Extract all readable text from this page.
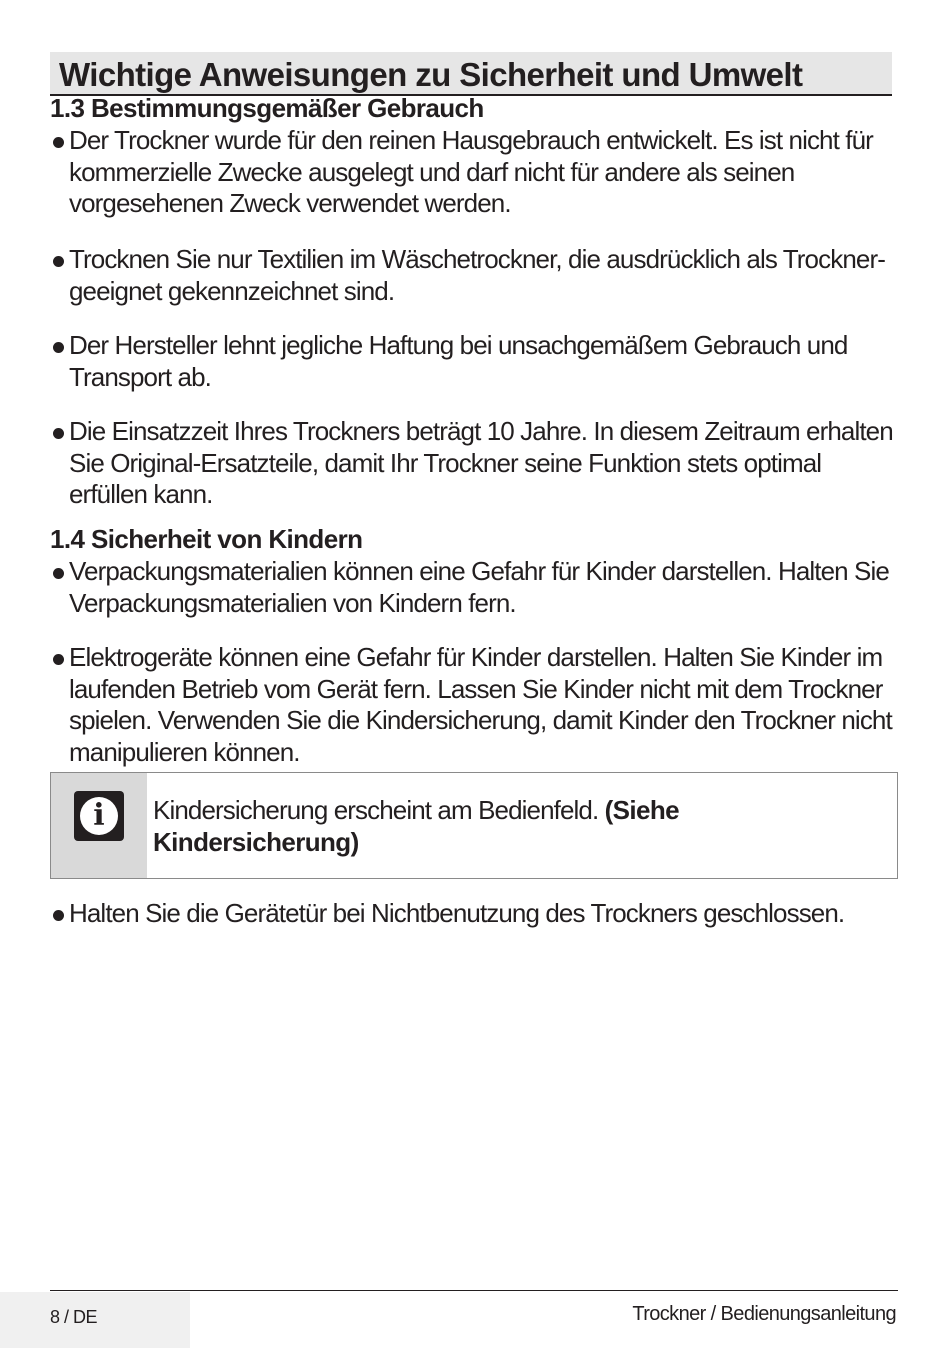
Wichtige Anweisungen zu Sicherheit und Umwelt
1.3 Bestimmungsgemäßer Gebrauch
Der Trockner wurde für den reinen Hausgebrauch entwickelt. Es ist nicht für kommerzielle Zwecke ausgelegt und darf nicht für andere als seinen vorgesehenen Zweck verwendet werden.
Trocknen Sie nur Textilien im Wäschetrockner, die ausdrücklich als Trockner-geeignet gekennzeichnet sind.
Der Hersteller lehnt jegliche Haftung bei unsachgemäßem Gebrauch und Transport ab.
Die Einsatzzeit Ihres Trockners beträgt 10 Jahre. In diesem Zeitraum erhalten Sie Original-Ersatzteile, damit Ihr Trockner seine Funktion stets optimal erfüllen kann.
1.4 Sicherheit von Kindern
Verpackungsmaterialien können eine Gefahr für Kinder darstellen. Halten Sie Verpackungsmaterialien von Kindern fern.
Elektrogeräte können eine Gefahr für Kinder darstellen. Halten Sie Kinder im laufenden Betrieb vom Gerät fern. Lassen Sie Kinder nicht mit dem Trockner spielen. Verwenden Sie die Kindersicherung, damit Kinder den Trockner nicht manipulieren können.
i	Kindersicherung erscheint am Bedienfeld. (Siehe Kindersicherung)
Halten Sie die Gerätetür bei Nichtbenutzung des Trockners geschlossen.
8 / DE	Trockner / Bedienungsanleitung
